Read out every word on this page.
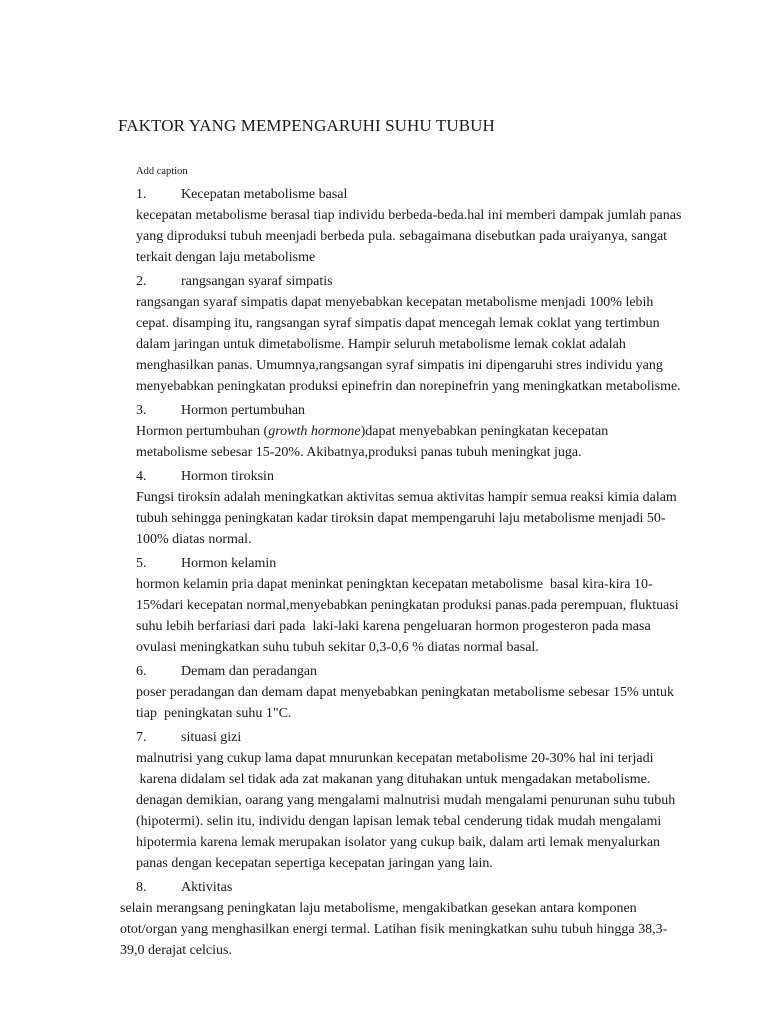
FAKTOR YANG MEMPENGARUHI SUHU TUBUH

Add caption

1.	Kecepatan metabolisme basal
kecepatan metabolisme berasal tiap individu berbeda-beda.hal ini memberi dampak jumlah panas
yang diproduksi tubuh meenjadi berbeda pula. sebagaimana disebutkan pada uraiyanya, sangat
terkait dengan laju metabolisme
2.	rangsangan syaraf simpatis
rangsangan syaraf simpatis dapat menyebabkan kecepatan metabolisme menjadi 100% lebih
cepat. disamping itu, rangsangan syraf simpatis dapat mencegah lemak coklat yang tertimbun
dalam jaringan untuk dimetabolisme. Hampir seluruh metabolisme lemak coklat adalah
menghasilkan panas. Umumnya,rangsangan syraf simpatis ini dipengaruhi stres individu yang
menyebabkan peningkatan produksi epinefrin dan norepinefrin yang meningkatkan metabolisme.
3.	Hormon pertumbuhan
Hormon pertumbuhan (growth hormone)dapat menyebabkan peningkatan kecepatan
metabolisme sebesar 15-20%. Akibatnya,produksi panas tubuh meningkat juga.
4.	Hormon tiroksin
Fungsi tiroksin adalah meningkatkan aktivitas semua aktivitas hampir semua reaksi kimia dalam
tubuh sehingga peningkatan kadar tiroksin dapat mempengaruhi laju metabolisme menjadi 50-
100% diatas normal.
5.	Hormon kelamin
hormon kelamin pria dapat meninkat peningktan kecepatan metabolisme  basal kira-kira 10-
15%dari kecepatan normal,menyebabkan peningkatan produksi panas.pada perempuan, fluktuasi
suhu lebih berfariasi dari pada  laki-laki karena pengeluaran hormon progesteron pada masa
ovulasi meningkatkan suhu tubuh sekitar 0,3-0,6 % diatas normal basal.
6.	Demam dan peradangan
poser peradangan dan demam dapat menyebabkan peningkatan metabolisme sebesar 15% untuk
tiap  peningkatan suhu 1"C.
7.	situasi gizi
malnutrisi yang cukup lama dapat mnurunkan kecepatan metabolisme 20-30% hal ini terjadi
karena didalam sel tidak ada zat makanan yang dituhakan untuk mengadakan metabolisme.
denagan demikian, oarang yang mengalami malnutrisi mudah mengalami penurunan suhu tubuh
(hipotermi). selin itu, individu dengan lapisan lemak tebal cenderung tidak mudah mengalami
hipotermia karena lemak merupakan isolator yang cukup baik, dalam arti lemak menyalurkan
panas dengan kecepatan sepertiga kecepatan jaringan yang lain.
8.	Aktivitas
selain merangsang peningkatan laju metabolisme, mengakibatkan gesekan antara komponen
otot/organ yang menghasilkan energi termal. Latihan fisik meningkatkan suhu tubuh hingga 38,3-
39,0 derajat celcius.
